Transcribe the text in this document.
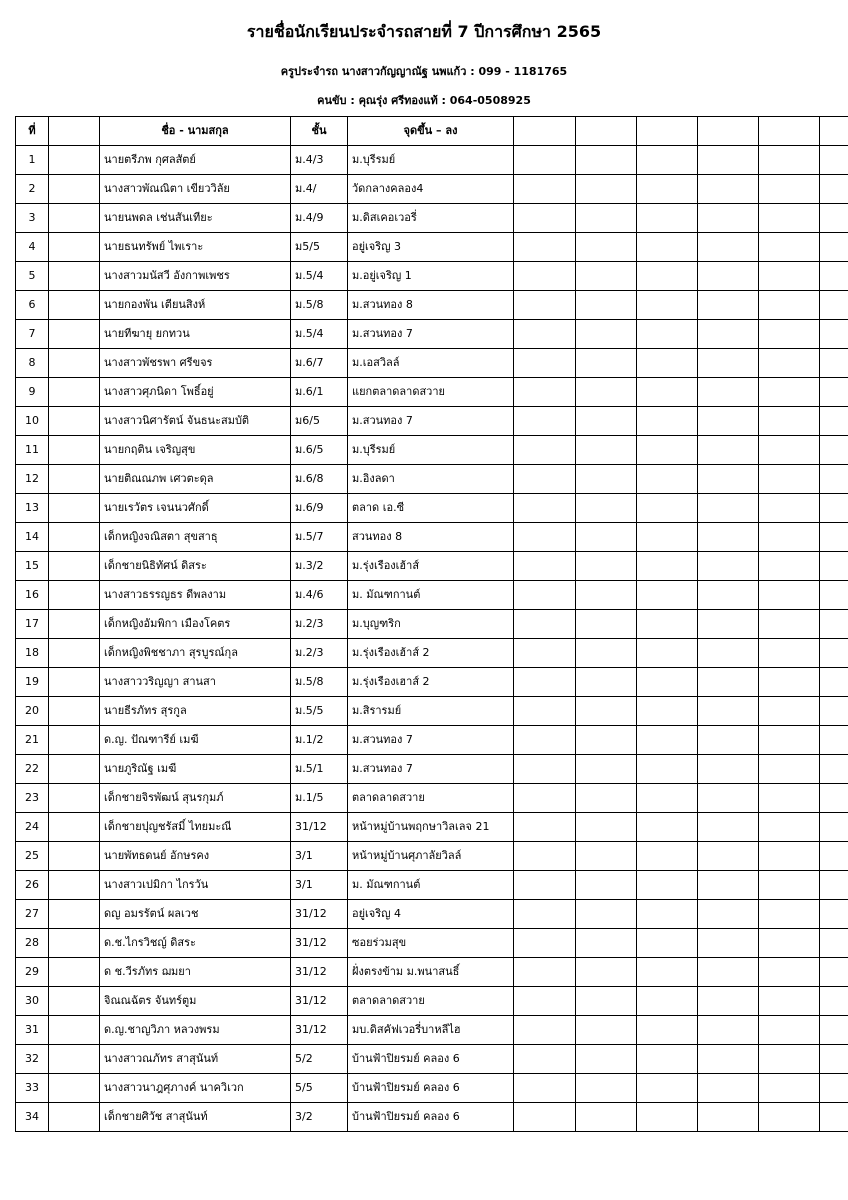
รายชื่อนักเรียนประจำรถสายที่ 7 ปีการศึกษา 2565
ครูประจำรถ นางสาวกัญญาณัฐ นพแก้ว : 099 - 1181765
คนขับ : คุณรุ่ง ศรีทองแท้ : 064-0508925
ที่		ชื่อ - นามสกุล	ชั้น	จุดขึ้น – ลง						
1		นายตรีภพ กุศลสัตย์	ม.4/3	ม.บุรีรมย์						
2		นางสาวพัณณิตา เขียววิลัย	ม.4/	วัดกลางคลอง4						
3		นายนพดล เช่นสันเทียะ	ม.4/9	ม.ดิสเคอเวอรี่						
4		นายธนทรัพย์ ไพเราะ	ม5/5	อยู่เจริญ 3						
5		นางสาวมนัสวี อังกาพเพชร	ม.5/4	ม.อยู่เจริญ 1						
6		นายกองพัน เตียนสิงห์	ม.5/8	ม.สวนทอง 8						
7		นายทีฆายุ ยกทวน	ม.5/4	ม.สวนทอง 7						
8		นางสาวพัชรพา ศรีขจร	ม.6/7	ม.เอสวิลล์						
9		นางสาวศุภนิดา โพธิ์อยู่	ม.6/1	แยกตลาดลาดสวาย						
10		นางสาวนิศารัตน์ จันธนะสมบัติ	ม6/5	ม.สวนทอง 7						
11		นายกฤติน เจริญสุข	ม.6/5	ม.บุรีรมย์						
12		นายติณณภพ เศวตะดุล	ม.6/8	ม.อิงลดา						
13		นายเรวัตร เจนนวศักดิ์	ม.6/9	ตลาด เอ.ซี						
14		เด็กหญิงจณิสตา สุขสาธุ	ม.5/7	สวนทอง 8						
15		เด็กชายนิธิทัศน์ ดิสระ	ม.3/2	ม.รุ่งเรืองเฮ้าส์						
16		นางสาวธรรญธร ดีพลงาม	ม.4/6	ม. มัณฑกานต์						
17		เด็กหญิงอัมพิกา เมืองโคตร	ม.2/3	ม.บุญฑริก						
18		เด็กหญิงพิชชาภา สุรบูรณ์กุล	ม.2/3	ม.รุ่งเรืองเฮ้าส์ 2						
19		นางสาววริญญา สานสา	ม.5/8	ม.รุ่งเรืองเฮาส์ 2						
20		นายธีรภัทร สุรกูล	ม.5/5	ม.สิรารมย์						
21		ด.ญ. ปัณฑารีย์ เมฆี	ม.1/2	ม.สวนทอง 7						
22		นายภูริณัฐ เมฆี	ม.5/1	ม.สวนทอง 7						
23		เด็กชายจิรพัฒน์ สุนรกุมภ์	ม.1/5	ตลาดลาดสวาย						
24		เด็กชายปุญชรัสมิ์ ไทยมะณี	31/12	หน้าหมู่บ้านพฤกษาวิลเลจ 21						
25		นายพัทธดนย์ อักษรคง	3/1	หน้าหมู่บ้านศุภาลัยวิลล์						
26		นางสาวเปมิกา ไกรวัน	3/1	ม. มัณฑกานต์						
27		ดญ อมรรัตน์ ผลเวช	31/12	อยู่เจริญ 4						
28		ด.ช.ไกรวิชญ์ ดิสระ	31/12	ซอยร่วมสุข						
29		ด ช.วีรภัทร ฌมยา	31/12	ฝั่งตรงข้าม ม.พนาสนธิ์						
30		จิณณฉัตร จันทร์ตูม	31/12	ตลาดลาดสวาย						
31		ด.ญ.ชาญวิภา หลวงพรม	31/12	มบ.ดิสคัฟเวอรี่บาหลีไฮ						
32		นางสาวณภัทร สาสุนันท์	5/2	บ้านฟ้าปิยรมย์ คลอง 6						
33		นางสาวนาฎศุภางค์ นาควิเวก	5/5	บ้านฟ้าปิยรมย์ คลอง 6						
34		เด็กชายศิวัช สาสุนันท์	3/2	บ้านฟ้าปิยรมย์ คลอง 6						
